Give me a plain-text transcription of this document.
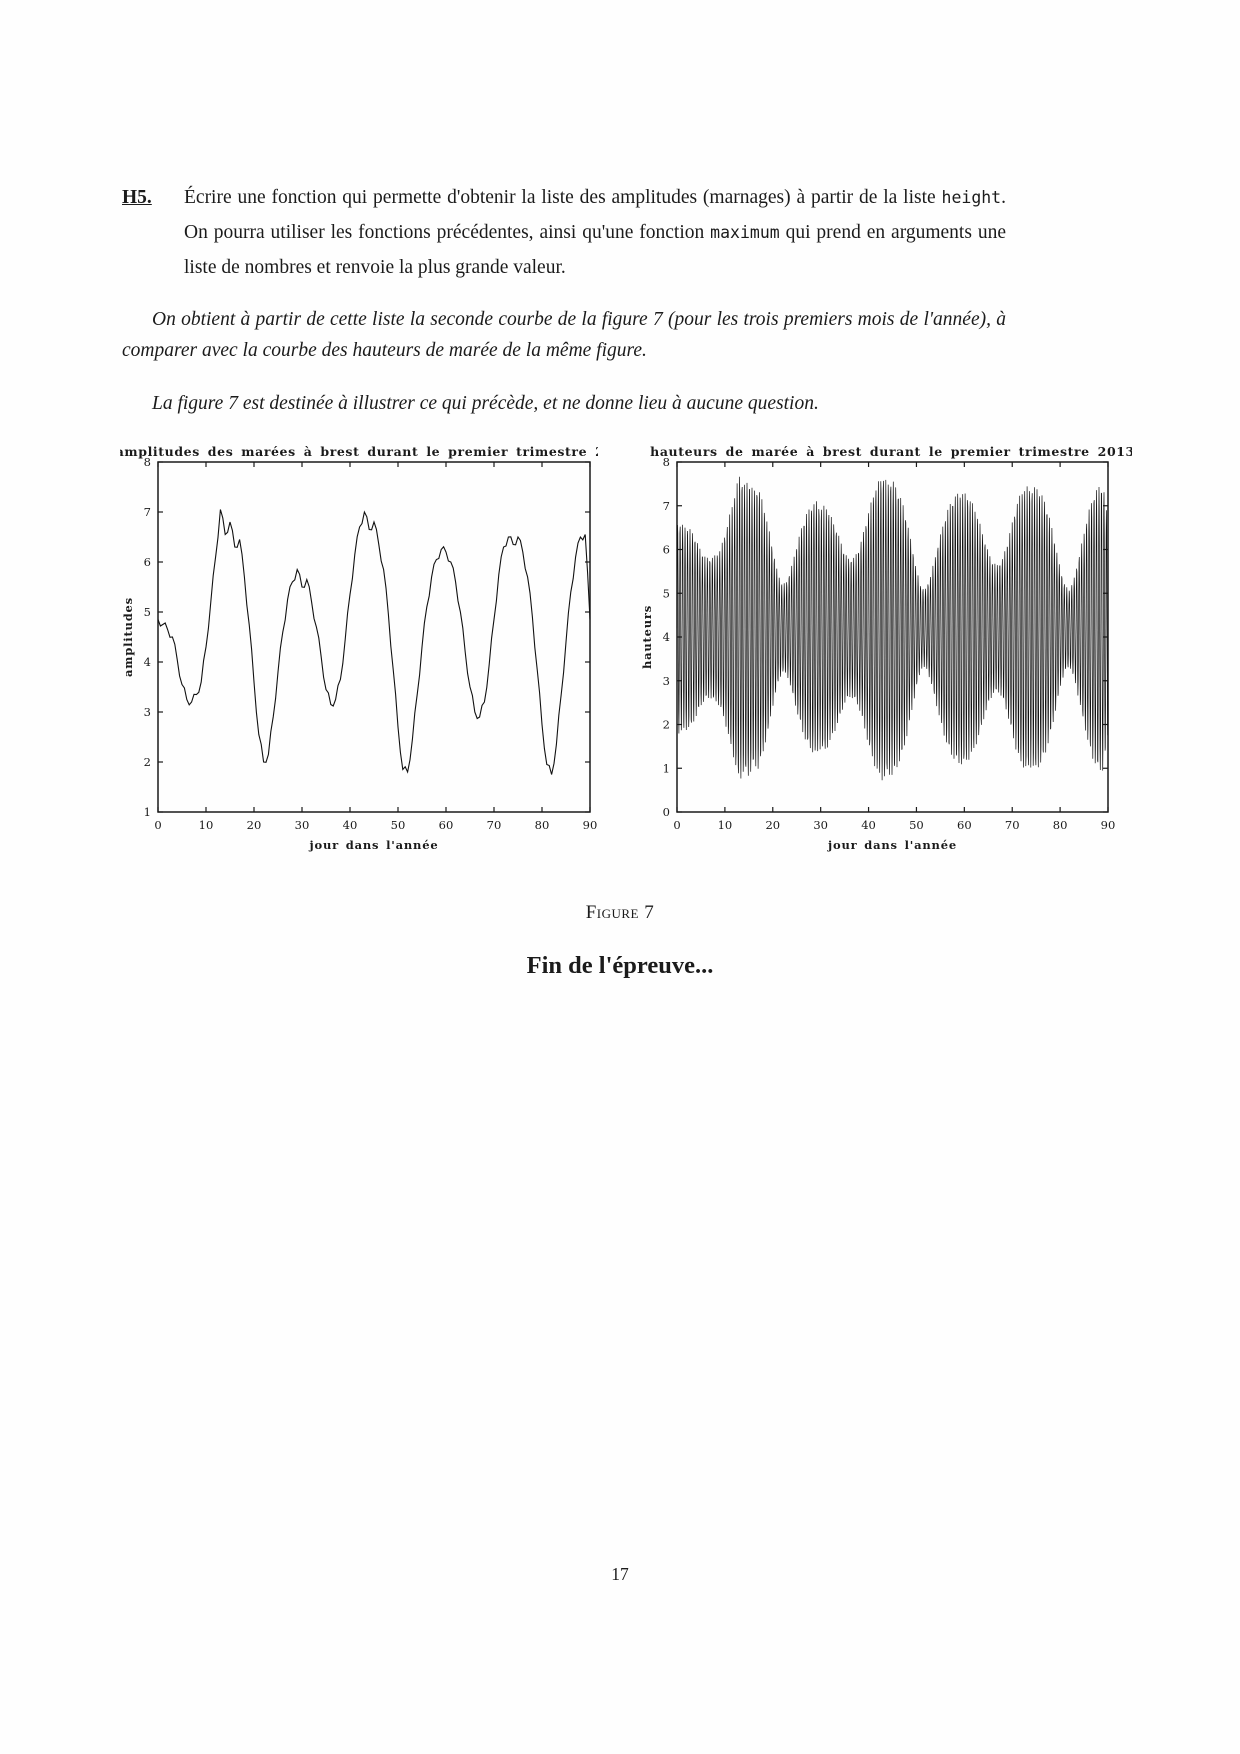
H5. Écrire une fonction qui permette d'obtenir la liste des amplitudes (marnages) à partir de la liste height. On pourra utiliser les fonctions précédentes, ainsi qu'une fonction maximum qui prend en arguments une liste de nombres et renvoie la plus grande valeur.

On obtient à partir de cette liste la seconde courbe de la figure 7 (pour les trois premiers mois de l'année), à comparer avec la courbe des hauteurs de marée de la même figure.

La figure 7 est destinée à illustrer ce qui précède, et ne donne lieu à aucune question.

0	10	20	30	40	50	60	70	80	90
1
2
3
4
5
6
7
8
amplitudes des marées à brest durant le premier trimestre 2013
jour dans l'année
amplitudes
0	10	20	30	40	50	60	70	80	90
0
1
2
3
4
5
6
7
8
hauteurs de marée à brest durant le premier trimestre 2013
jour dans l'année
hauteurs
Figure 7
Fin de l'épreuve...
17
